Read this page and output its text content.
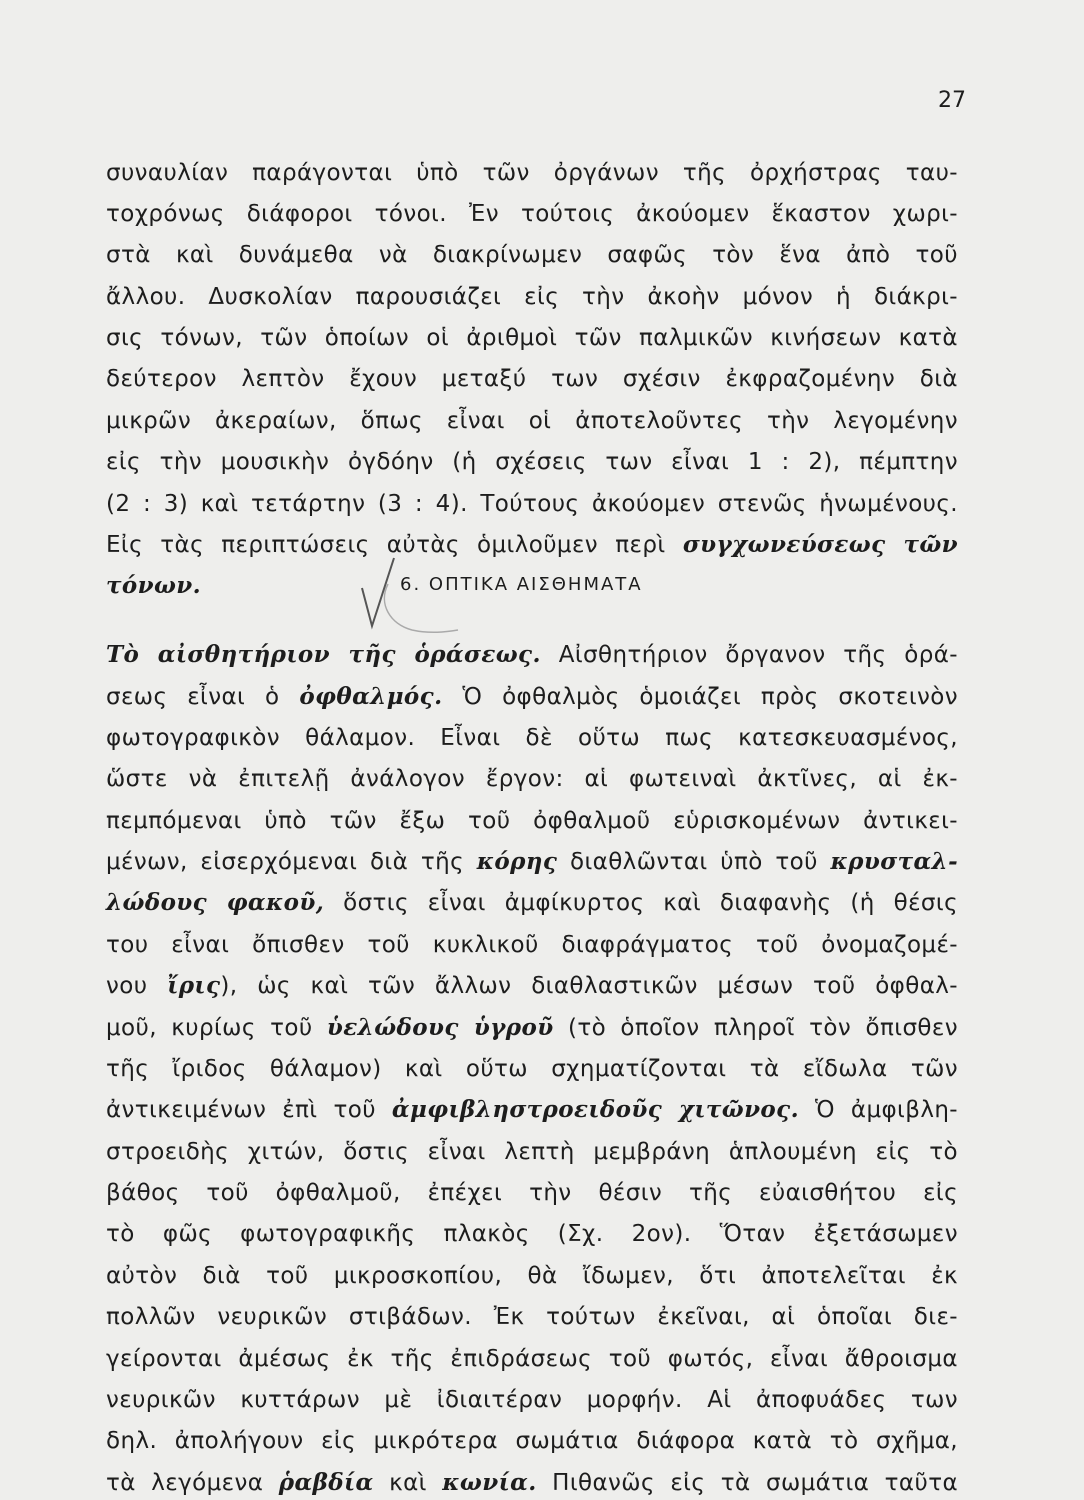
27
συναυλίαν παράγονται ὑπὸ τῶν ὀργάνων τῆς ὀρχήστρας ταυ-
τοχρόνως διάφοροι τόνοι. Ἐν τούτοις ἀκούομεν ἕκαστον χωρι-
στὰ καὶ δυνάμεθα νὰ διακρίνωμεν σαφῶς τὸν ἕνα ἀπὸ τοῦ
ἄλλου. Δυσκολίαν παρουσιάζει εἰς τὴν ἀκοὴν μόνον ἡ διάκρι-
σις τόνων, τῶν ὁποίων οἱ ἀριθμοὶ τῶν παλμικῶν κινήσεων κατὰ
δεύτερον λεπτὸν ἔχουν μεταξύ των σχέσιν ἐκφραζομένην διὰ
μικρῶν ἀκεραίων, ὅπως εἶναι οἱ ἀποτελοῦντες τὴν λεγομένην
εἰς τὴν μουσικὴν ὀγδόην (ἡ σχέσεις των εἶναι 1 : 2), πέμπτην
(2 : 3) καὶ τετάρτην (3 : 4). Τούτους ἀκούομεν στενῶς ἡνωμένους.
Εἰς τὰς περιπτώσεις αὐτὰς ὁμιλοῦμεν περὶ συγχωνεύσεως τῶν
τόνων.	6. ΟΠΤΙΚΑ ΑΙΣΘΗΜΑΤΑ
Τὸ αἰσθητήριον τῆς ὁράσεως. Αἰσθητήριον ὄργανον τῆς ὁρά-
σεως εἶναι ὁ ὀφθαλμός. Ὁ ὀφθαλμὸς ὁμοιάζει πρὸς σκοτεινὸν
φωτογραφικὸν θάλαμον. Εἶναι δὲ οὕτω πως κατεσκευασμένος,
ὥστε νὰ ἐπιτελῇ ἀνάλογον ἔργον: αἱ φωτειναὶ ἀκτῖνες, αἱ ἐκ-
πεμπόμεναι ὑπὸ τῶν ἔξω τοῦ ὀφθαλμοῦ εὑρισκομένων ἀντικει-
μένων, εἰσερχόμεναι διὰ τῆς κόρης διαθλῶνται ὑπὸ τοῦ κρυσταλ-
λώδους φακοῦ, ὅστις εἶναι ἀμφίκυρτος καὶ διαφανὴς (ἡ θέσις
του εἶναι ὄπισθεν τοῦ κυκλικοῦ διαφράγματος τοῦ ὀνομαζομέ-
νου ἴρις), ὡς καὶ τῶν ἄλλων διαθλαστικῶν μέσων τοῦ ὀφθαλ-
μοῦ, κυρίως τοῦ ὑελώδους ὑγροῦ (τὸ ὁποῖον πληροῖ τὸν ὄπισθεν
τῆς ἴριδος θάλαμον) καὶ οὕτω σχηματίζονται τὰ εἴδωλα τῶν
ἀντικειμένων ἐπὶ τοῦ ἀμφιβληστροειδοῦς χιτῶνος. Ὁ ἀμφιβλη-
στροειδὴς χιτών, ὅστις εἶναι λεπτὴ μεμβράνη ἁπλουμένη εἰς τὸ
βάθος τοῦ ὀφθαλμοῦ, ἐπέχει τὴν θέσιν τῆς εὐαισθήτου εἰς
τὸ φῶς φωτογραφικῆς πλακὸς (Σχ. 2ον). Ὅταν ἐξετάσωμεν
αὐτὸν διὰ τοῦ μικροσκοπίου, θὰ ἴδωμεν, ὅτι ἀποτελεῖται ἐκ
πολλῶν νευρικῶν στιβάδων. Ἐκ τούτων ἐκεῖναι, αἱ ὁποῖαι διε-
γείρονται ἀμέσως ἐκ τῆς ἐπιδράσεως τοῦ φωτός, εἶναι ἄθροισμα
νευρικῶν κυττάρων μὲ ἰδιαιτέραν μορφήν. Αἱ ἀποφυάδες των
δηλ. ἀπολήγουν εἰς μικρότερα σωμάτια διάφορα κατὰ τὸ σχῆμα,
τὰ λεγόμενα ῥαβδία καὶ κωνία. Πιθανῶς εἰς τὰ σωμάτια ταῦτα
